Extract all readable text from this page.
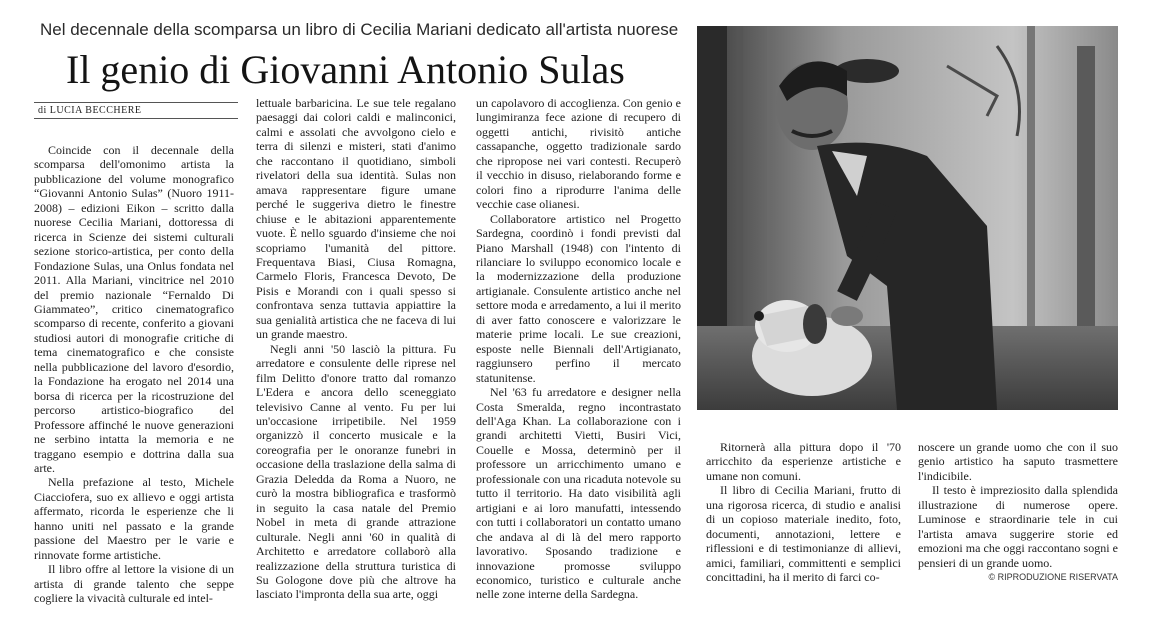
Nel decennale della scomparsa un libro di Cecilia Mariani dedicato all'artista nuorese
Il genio di Giovanni Antonio Sulas
di LUCIA BECCHERE

Coincide con il decennale della scomparsa dell'omonimo artista la pubblicazione del volume monografico “Giovanni Antonio Sulas” (Nuoro 1911-2008) – edizioni Eikon – scritto dalla nuorese Cecilia Mariani, dottoressa di ricerca in Scienze dei sistemi culturali sezione storico-artistica, per conto della Fondazione Sulas, una Onlus fondata nel 2011. Alla Mariani, vincitrice nel 2010 del premio nazionale “Fernaldo Di Giammateo”, critico cinematografico scomparso di recente, conferito a giovani studiosi autori di monografie critiche di tema cinematografico e che consiste nella pubblicazione del lavoro d'esordio, la Fondazione ha erogato nel 2014 una borsa di ricerca per la ricostruzione del percorso artistico-biografico del Professore affinché le nuove generazioni ne serbino intatta la memoria e ne traggano esempio e dottrina dalla sua arte.

Nella prefazione al testo, Michele Ciacciofera, suo ex allievo e oggi artista affermato, ricorda le esperienze che li hanno uniti nel passato e la grande passione del Maestro per le varie e rinnovate forme artistiche.

Il libro offre al lettore la visione di un artista di grande talento che seppe cogliere la vivacità culturale ed intel-

lettuale barbaricina. Le sue tele regalano paesaggi dai colori caldi e malinconici, calmi e assolati che avvolgono cielo e terra di silenzi e misteri, stati d'animo che raccontano il quotidiano, simboli rivelatori della sua identità. Sulas non amava rappresentare figure umane perché le suggeriva dietro le finestre chiuse e le abitazioni apparentemente vuote. È nello sguardo d'insieme che noi scopriamo l'umanità del pittore. Frequentava Biasi, Ciusa Romagna, Carmelo Floris, Francesca Devoto, De Pisis e Morandi con i quali spesso si confrontava senza tuttavia appiattire la sua genialità artistica che ne faceva di lui un grande maestro.

Negli anni '50 lasciò la pittura. Fu arredatore e consulente delle riprese nel film Delitto d'onore tratto dal romanzo L'Edera e ancora dello sceneggiato televisivo Canne al vento. Fu per lui un'occasione irripetibile. Nel 1959 organizzò il concerto musicale e la coreografia per le onoranze funebri in occasione della traslazione della salma di Grazia Deledda da Roma a Nuoro, ne curò la mostra bibliografica e trasformò in seguito la casa natale del Premio Nobel in meta di grande attrazione culturale. Negli anni '60 in qualità di Architetto e arredatore collaborò alla realizzazione della struttura turistica di Su Gologone dove più che altrove ha lasciato l'impronta della sua arte, oggi

un capolavoro di accoglienza. Con genio e lungimiranza fece azione di recupero di oggetti antichi, rivisitò antiche cassapanche, oggetto tradizionale sardo che ripropose nei vari contesti. Recuperò il vecchio in disuso, rielaborando forme e colori fino a riprodurre l'anima delle vecchie case olianesi.

Collaboratore artistico nel Progetto Sardegna, coordinò i fondi previsti dal Piano Marshall (1948) con l'intento di rilanciare lo sviluppo economico locale e la modernizzazione della produzione artigianale. Consulente artistico anche nel settore moda e arredamento, a lui il merito di aver fatto conoscere e valorizzare le materie prime locali. Le sue creazioni, esposte nelle Biennali dell'Artigianato, raggiunsero perfino il mercato statunitense.

Nel '63 fu arredatore e designer nella Costa Smeralda, regno incontrastato dell'Aga Khan. La collaborazione con i grandi architetti Vietti, Busiri Vici, Couelle e Mossa, determinò per il professore un arricchimento umano e professionale con una ricaduta notevole su tutto il territorio. Ha dato visibilità agli artigiani e ai loro manufatti, intessendo con tutti i collaboratori un contatto umano che andava al di là del mero rapporto lavorativo. Sposando tradizione e innovazione promosse sviluppo economico, turistico e culturale anche nelle zone interne della Sardegna.

Ritornerà alla pittura dopo il '70 arricchito da esperienze artistiche e umane non comuni.

Il libro di Cecilia Mariani, frutto di una rigorosa ricerca, di studio e analisi di un copioso materiale inedito, foto, documenti, annotazioni, lettere e riflessioni e di testimonianze di allievi, amici, familiari, committenti e semplici concittadini, ha il merito di farci co-

noscere un grande uomo che con il suo genio artistico ha saputo trasmettere l'indicibile.

Il testo è impreziosito dalla splendida illustrazione di numerose opere. Luminose e straordinarie tele in cui l'artista amava suggerire storie ed emozioni ma che oggi raccontano sogni e pensieri di un grande uomo.

© RIPRODUZIONE RISERVATA
